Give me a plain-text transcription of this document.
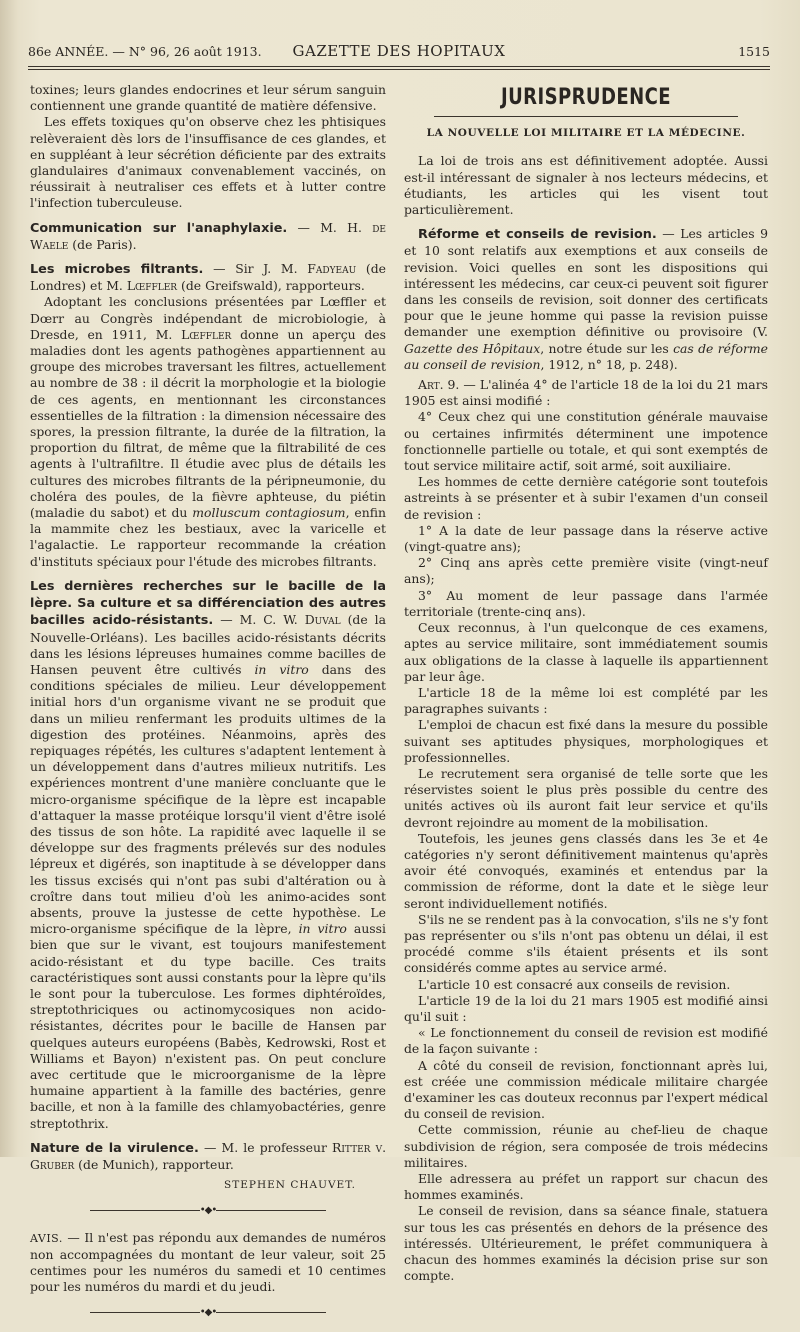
86e ANNÉE. — N° 96, 26 août 1913.	GAZETTE DES HOPITAUX	1515

toxines; leurs glandes endocrines et leur sérum sanguin contiennent une grande quantité de matière défensive.

Les effets toxiques qu'on observe chez les phtisiques relèveraient dès lors de l'insuffisance de ces glandes, et en suppléant à leur sécrétion déficiente par des extraits glandulaires d'animaux convenablement vaccinés, on réussirait à neutraliser ces effets et à lutter contre l'infection tuberculeuse.

Communication sur l'anaphylaxie. — M. H. de Waele (de Paris).

Les microbes filtrants. — Sir J. M. Fadyeau (de Londres) et M. Lœffler (de Greifswald), rapporteurs.

Adoptant les conclusions présentées par Lœffler et Dœrr au Congrès indépendant de microbiologie, à Dresde, en 1911, M. Lœffler donne un aperçu des maladies dont les agents pathogènes appartiennent au groupe des microbes traversant les filtres, actuellement au nombre de 38 : il décrit la morphologie et la biologie de ces agents, en mentionnant les circonstances essentielles de la filtration : la dimension nécessaire des spores, la pression filtrante, la durée de la filtration, la proportion du filtrat, de même que la filtrabilité de ces agents à l'ultrafiltre. Il étudie avec plus de détails les cultures des microbes filtrants de la péripneumonie, du choléra des poules, de la fièvre aphteuse, du piétin (maladie du sabot) et du molluscum contagiosum, enfin la mammite chez les bestiaux, avec la varicelle et l'agalactie. Le rapporteur recommande la création d'instituts spéciaux pour l'étude des microbes filtrants.

Les dernières recherches sur le bacille de la lèpre. Sa culture et sa différenciation des autres bacilles acido-résistants. — M. C. W. Duval (de la Nouvelle-Orléans). Les bacilles acido-résistants décrits dans les lésions lépreuses humaines comme bacilles de Hansen peuvent être cultivés in vitro dans des conditions spéciales de milieu. Leur développement initial hors d'un organisme vivant ne se produit que dans un milieu renfermant les produits ultimes de la digestion des protéines. Néanmoins, après des repiquages répétés, les cultures s'adaptent lentement à un développement dans d'autres milieux nutritifs. Les expériences montrent d'une manière concluante que le micro-organisme spécifique de la lèpre est incapable d'attaquer la masse protéique lorsqu'il vient d'être isolé des tissus de son hôte. La rapidité avec laquelle il se développe sur des fragments prélevés sur des nodules lépreux et digérés, son inaptitude à se développer dans les tissus excisés qui n'ont pas subi d'altération ou à croître dans tout milieu d'où les animo-acides sont absents, prouve la justesse de cette hypothèse. Le micro-organisme spécifique de la lèpre, in vitro aussi bien que sur le vivant, est toujours manifestement acido-résistant et du type bacille. Ces traits caractéristiques sont aussi constants pour la lèpre qu'ils le sont pour la tuberculose. Les formes diphtéroïdes, streptothriciques ou actinomycosiques non acido-résistantes, décrites pour le bacille de Hansen par quelques auteurs européens (Babès, Kedrowski, Rost et Williams et Bayon) n'existent pas. On peut conclure avec certitude que le microorganisme de la lèpre humaine appartient à la famille des bactéries, genre bacille, et non à la famille des chlamyobactéries, genre streptothrix.

Nature de la virulence. — M. le professeur Ritter v. Gruber (de Munich), rapporteur.

STEPHEN CHAUVET.
•◆•

AVIS. — Il n'est pas répondu aux demandes de numéros non accompagnées du montant de leur valeur, soit 25 centimes pour les numéros du samedi et 10 centimes pour les numéros du mardi et du jeudi.

•◆•
JURISPRUDENCE
LA NOUVELLE LOI MILITAIRE ET LA MÉDECINE.

La loi de trois ans est définitivement adoptée. Aussi est-il intéressant de signaler à nos lecteurs médecins, et étudiants, les articles qui les visent tout particulièrement.

Réforme et conseils de revision. — Les articles 9 et 10 sont relatifs aux exemptions et aux conseils de revision. Voici quelles en sont les dispositions qui intéressent les médecins, car ceux-ci peuvent soit figurer dans les conseils de revision, soit donner des certificats pour que le jeune homme qui passe la revision puisse demander une exemption définitive ou provisoire (V. Gazette des Hôpitaux, notre étude sur les cas de réforme au conseil de revision, 1912, n° 18, p. 248).

Art. 9. — L'alinéa 4° de l'article 18 de la loi du 21 mars 1905 est ainsi modifié :

4° Ceux chez qui une constitution générale mauvaise ou certaines infirmités déterminent une impotence fonctionnelle partielle ou totale, et qui sont exemptés de tout service militaire actif, soit armé, soit auxiliaire.

Les hommes de cette dernière catégorie sont toutefois astreints à se présenter et à subir l'examen d'un conseil de revision :

1° A la date de leur passage dans la réserve active (vingt-quatre ans);

2° Cinq ans après cette première visite (vingt-neuf ans);

3° Au moment de leur passage dans l'armée territoriale (trente-cinq ans).

Ceux reconnus, à l'un quelconque de ces examens, aptes au service militaire, sont immédiatement soumis aux obligations de la classe à laquelle ils appartiennent par leur âge.

L'article 18 de la même loi est complété par les paragraphes suivants :

L'emploi de chacun est fixé dans la mesure du possible suivant ses aptitudes physiques, morphologiques et professionnelles.

Le recrutement sera organisé de telle sorte que les réservistes soient le plus près possible du centre des unités actives où ils auront fait leur service et qu'ils devront rejoindre au moment de la mobilisation.

Toutefois, les jeunes gens classés dans les 3e et 4e catégories n'y seront définitivement maintenus qu'après avoir été convoqués, examinés et entendus par la commission de réforme, dont la date et le siège leur seront individuellement notifiés.

S'ils ne se rendent pas à la convocation, s'ils ne s'y font pas représenter ou s'ils n'ont pas obtenu un délai, il est procédé comme s'ils étaient présents et ils sont considérés comme aptes au service armé.

L'article 10 est consacré aux conseils de revision.

L'article 19 de la loi du 21 mars 1905 est modifié ainsi qu'il suit :

« Le fonctionnement du conseil de revision est modifié de la façon suivante :

A côté du conseil de revision, fonctionnant après lui, est créée une commission médicale militaire chargée d'examiner les cas douteux reconnus par l'expert médical du conseil de revision.

Cette commission, réunie au chef-lieu de chaque subdivision de région, sera composée de trois médecins militaires.

Elle adressera au préfet un rapport sur chacun des hommes examinés.

Le conseil de revision, dans sa séance finale, statuera sur tous les cas présentés en dehors de la présence des intéressés. Ultérieurement, le préfet communiquera à chacun des hommes examinés la décision prise sur son compte.
